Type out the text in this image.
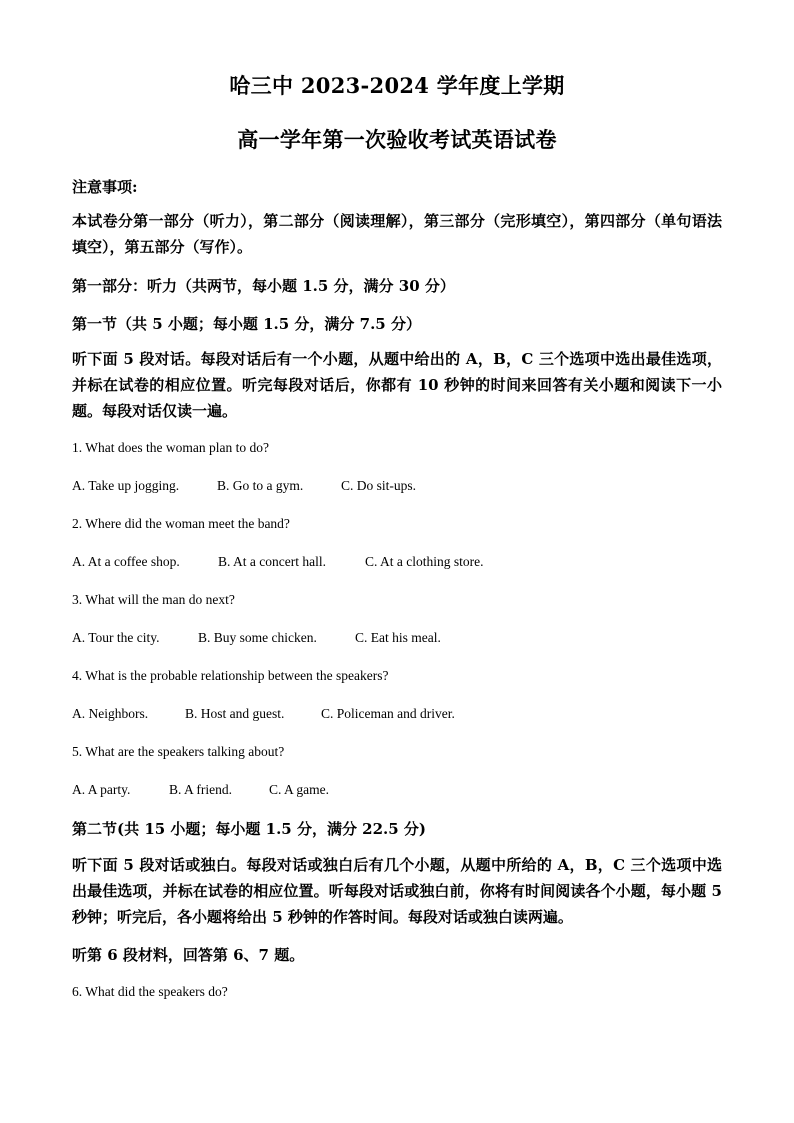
哈三中 2023-2024 学年度上学期
高一学年第一次验收考试英语试卷
注意事项:
本试卷分第一部分（听力），第二部分（阅读理解），第三部分（完形填空），第四部分（单句语法填空），第五部分（写作）。
第一部分：听力（共两节，每小题 1.5 分，满分 30 分）
第一节（共 5 小题；每小题 1.5 分，满分 7.5 分）
听下面 5 段对话。每段对话后有一个小题，从题中给出的 A，B，C 三个选项中选出最佳选项，并标在试卷的相应位置。听完每段对话后，你都有 10 秒钟的时间来回答有关小题和阅读下一小题。每段对话仅读一遍。
1. What does the woman plan to do?
A. Take up jogging.	B. Go to a gym.	C. Do sit-ups.
2. Where did the woman meet the band?
A. At a coffee shop.	B. At a concert hall.	C. At a clothing store.
3. What will the man do next?
A. Tour the city.	B. Buy some chicken.	C. Eat his meal.
4. What is the probable relationship between the speakers?
A. Neighbors.	B. Host and guest.	C. Policeman and driver.
5. What are the speakers talking about?
A. A party.	B. A friend.	C. A game.
第二节(共 15 小题；每小题 1.5 分，满分 22.5 分)
听下面 5 段对话或独白。每段对话或独白后有几个小题，从题中所给的 A，B，C 三个选项中选出最佳选项，并标在试卷的相应位置。听每段对话或独白前，你将有时间阅读各个小题，每小题 5 秒钟；听完后，各小题将给出 5 秒钟的作答时间。每段对话或独白读两遍。
听第 6 段材料，回答第 6、7 题。
6. What did the speakers do?
